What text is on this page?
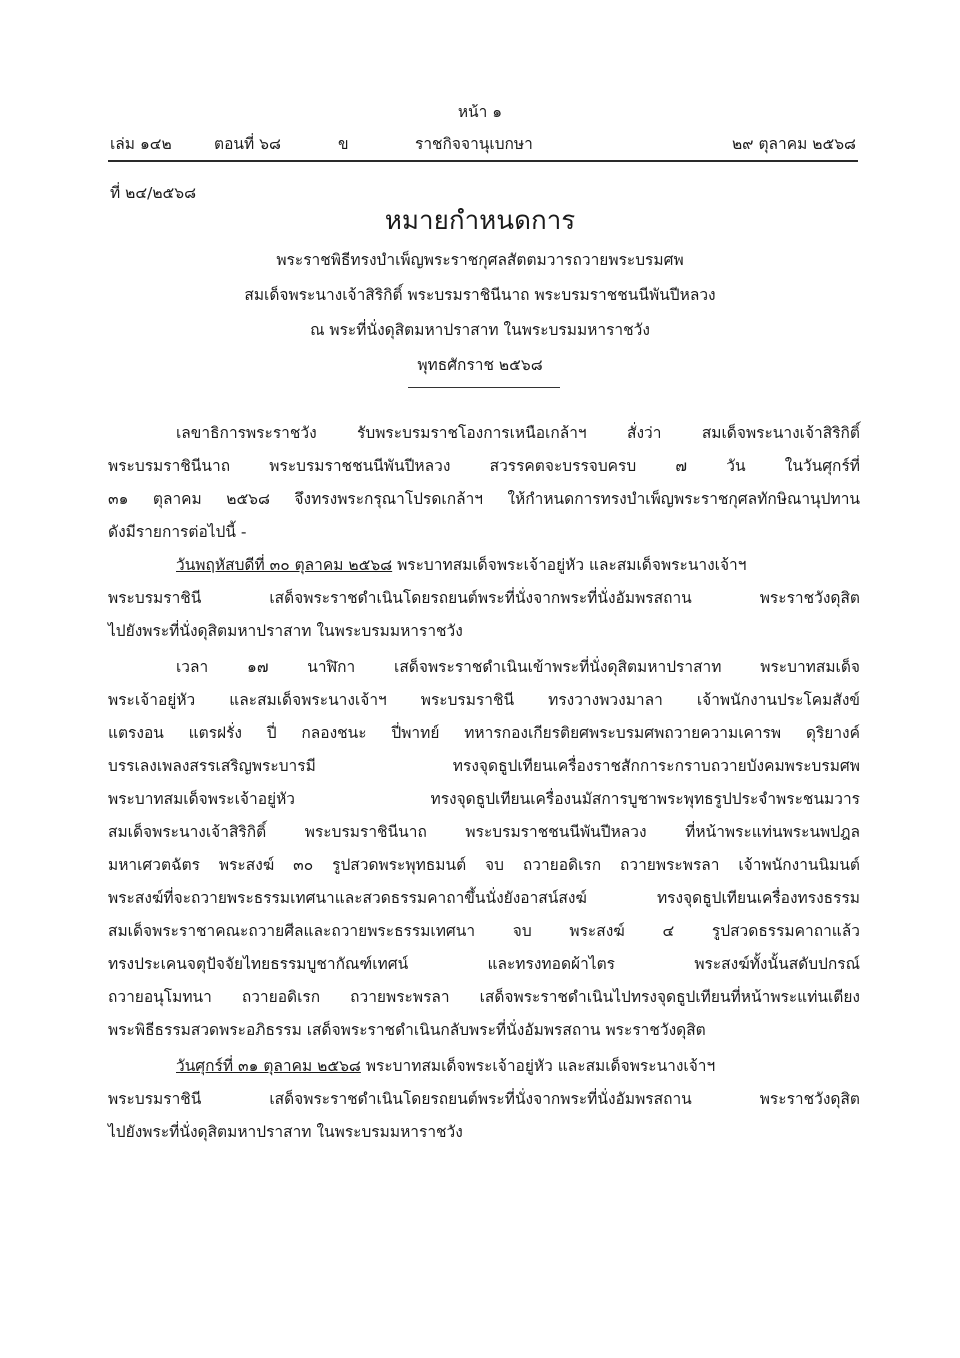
หน้า ๑
เล่ม ๑๔๒	ตอนที่ ๖๘	ข	ราชกิจจานุเบกษา	๒๙ ตุลาคม ๒๕๖๘
ที่ ๒๔/๒๕๖๘
หมายกำหนดการ
พระราชพิธีทรงบำเพ็ญพระราชกุศลสัตตมวารถวายพระบรมศพ
สมเด็จพระนางเจ้าสิริกิติ์ พระบรมราชินีนาถ พระบรมราชชนนีพันปีหลวง
ณ พระที่นั่งดุสิตมหาปราสาท ในพระบรมมหาราชวัง
พุทธศักราช ๒๕๖๘
เลขาธิการพระราชวัง รับพระบรมราชโองการเหนือเกล้าฯ สั่งว่า สมเด็จพระนางเจ้าสิริกิติ์
พระบรมราชินีนาถ พระบรมราชชนนีพันปีหลวง สวรรคตจะบรรจบครบ ๗ วัน ในวันศุกร์ที่
๓๑ ตุลาคม ๒๕๖๘ จึงทรงพระกรุณาโปรดเกล้าฯ ให้กำหนดการทรงบำเพ็ญพระราชกุศลทักษิณานุปทาน
ดังมีรายการต่อไปนี้ -
วันพฤหัสบดีที่ ๓๐ ตุลาคม ๒๕๖๘ พระบาทสมเด็จพระเจ้าอยู่หัว และสมเด็จพระนางเจ้าฯ
พระบรมราชินี เสด็จพระราชดำเนินโดยรถยนต์พระที่นั่งจากพระที่นั่งอัมพรสถาน พระราชวังดุสิต
ไปยังพระที่นั่งดุสิตมหาปราสาท ในพระบรมมหาราชวัง
เวลา ๑๗ นาฬิกา เสด็จพระราชดำเนินเข้าพระที่นั่งดุสิตมหาปราสาท พระบาทสมเด็จ
พระเจ้าอยู่หัว และสมเด็จพระนางเจ้าฯ พระบรมราชินี ทรงวางพวงมาลา เจ้าพนักงานประโคมสังข์
แตรงอน แตรฝรั่ง ปี่ กลองชนะ ปี่พาทย์ ทหารกองเกียรติยศพระบรมศพถวายความเคารพ ดุริยางค์
บรรเลงเพลงสรรเสริญพระบารมี ทรงจุดธูปเทียนเครื่องราชสักการะกราบถวายบังคมพระบรมศพ
พระบาทสมเด็จพระเจ้าอยู่หัว ทรงจุดธูปเทียนเครื่องนมัสการบูชาพระพุทธรูปประจำพระชนมวาร
สมเด็จพระนางเจ้าสิริกิติ์ พระบรมราชินีนาถ พระบรมราชชนนีพันปีหลวง ที่หน้าพระแท่นพระนพปฎล
มหาเศวตฉัตร พระสงฆ์ ๓๐ รูปสวดพระพุทธมนต์ จบ ถวายอดิเรก ถวายพระพรลา เจ้าพนักงานนิมนต์
พระสงฆ์ที่จะถวายพระธรรมเทศนาและสวดธรรมคาถาขึ้นนั่งยังอาสน์สงฆ์ ทรงจุดธูปเทียนเครื่องทรงธรรม
สมเด็จพระราชาคณะถวายศีลและถวายพระธรรมเทศนา จบ พระสงฆ์ ๔ รูปสวดธรรมคาถาแล้ว
ทรงประเคนจตุปัจจัยไทยธรรมบูชากัณฑ์เทศน์ และทรงทอดผ้าไตร พระสงฆ์ทั้งนั้นสดับปกรณ์
ถวายอนุโมทนา ถวายอดิเรก ถวายพระพรลา เสด็จพระราชดำเนินไปทรงจุดธูปเทียนที่หน้าพระแท่นเตียง
พระพิธีธรรมสวดพระอภิธรรม เสด็จพระราชดำเนินกลับพระที่นั่งอัมพรสถาน พระราชวังดุสิต
วันศุกร์ที่ ๓๑ ตุลาคม ๒๕๖๘ พระบาทสมเด็จพระเจ้าอยู่หัว และสมเด็จพระนางเจ้าฯ
พระบรมราชินี เสด็จพระราชดำเนินโดยรถยนต์พระที่นั่งจากพระที่นั่งอัมพรสถาน พระราชวังดุสิต
ไปยังพระที่นั่งดุสิตมหาปราสาท ในพระบรมมหาราชวัง
